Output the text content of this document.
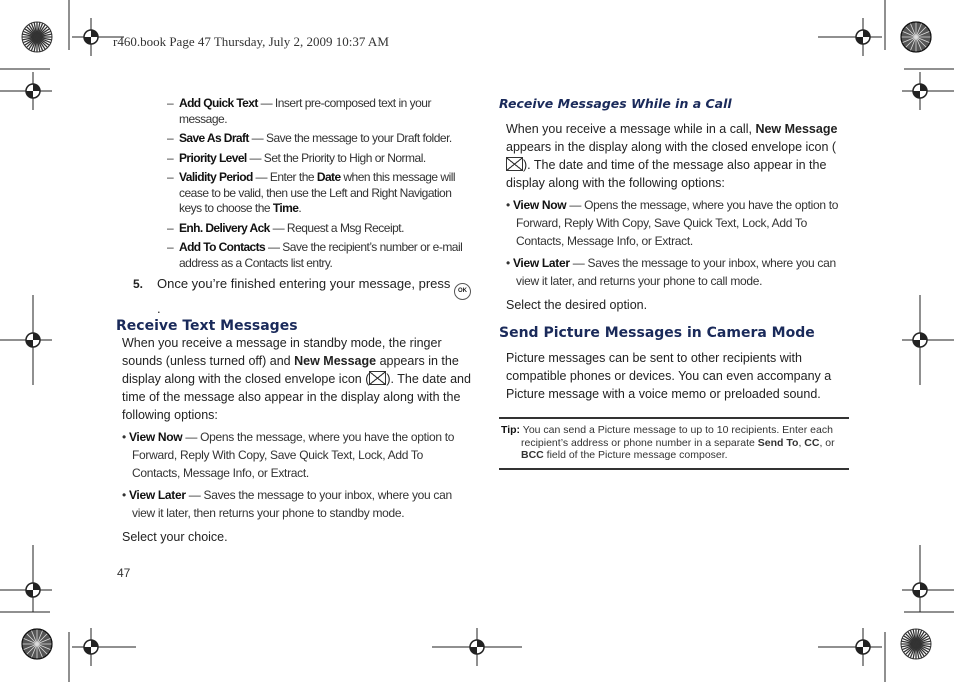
r460.book Page 47 Thursday, July 2, 2009 10:37 AM
– Add Quick Text — Insert pre-composed text in your message.
– Save As Draft — Save the message to your Draft folder.
– Priority Level — Set the Priority to High or Normal.
– Validity Period — Enter the Date when this message will cease to be valid, then use the Left and Right Navigation keys to choose the Time.
– Enh. Delivery Ack — Request a Msg Receipt.
– Add To Contacts — Save the recipient’s number or e-mail address as a Contacts list entry.
5. Once you’re finished entering your message, press OK.
Receive Text Messages
When you receive a message in standby mode, the ringer sounds (unless turned off) and New Message appears in the display along with the closed envelope icon ( ). The date and time of the message also appear in the display along with the following options:
• View Now — Opens the message, where you have the option to Forward, Reply With Copy, Save Quick Text, Lock, Add To Contacts, Message Info, or Extract.
• View Later — Saves the message to your inbox, where you can view it later, then returns your phone to standby mode.
Select your choice.
47
Receive Messages While in a Call
When you receive a message while in a call, New Message appears in the display along with the closed envelope icon (). The date and time of the message also appear in the display along with the following options:
• View Now — Opens the message, where you have the option to Forward, Reply With Copy, Save Quick Text, Lock, Add To Contacts, Message Info, or Extract.
• View Later — Saves the message to your inbox, where you can view it later, and returns your phone to call mode.
Select the desired option.
Send Picture Messages in Camera Mode
Picture messages can be sent to other recipients with compatible phones or devices. You can even accompany a Picture message with a voice memo or preloaded sound.
Tip: You can send a Picture message to up to 10 recipients. Enter each recipient’s address or phone number in a separate Send To, CC, or BCC field of the Picture message composer.
